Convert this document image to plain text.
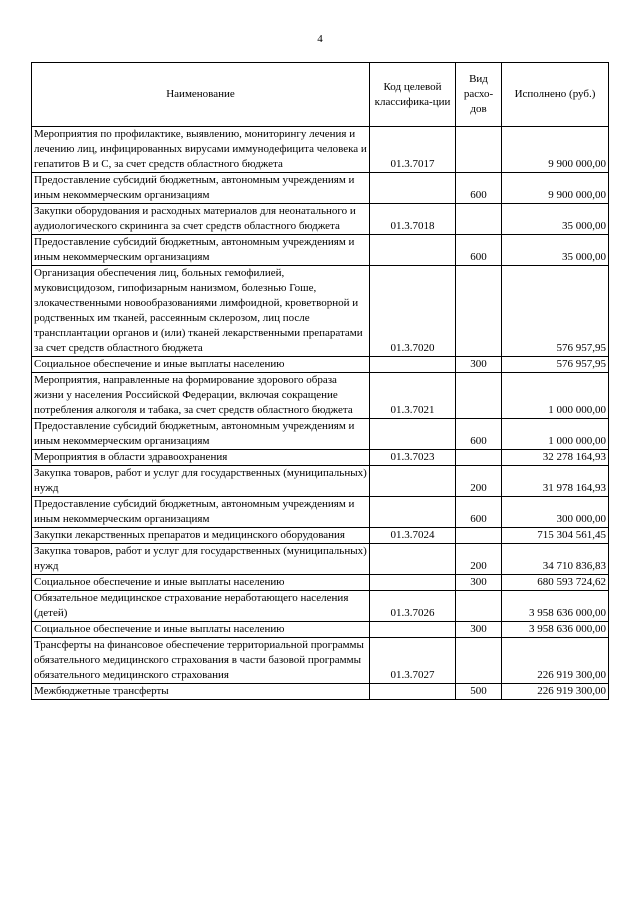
4
Наименование	Код целевой классифика-ции	Вид расхо-дов	Исполнено (руб.)
Мероприятия по профилактике, выявлению, мониторингу лечения и лечению лиц, инфицированных вирусами иммунодефицита человека и гепатитов B и C, за счет средств областного бюджета	01.3.7017		9 900 000,00
Предоставление субсидий бюджетным, автономным учреждениям и иным некоммерческим организациям		600	9 900 000,00
Закупки оборудования и расходных материалов для неонатального и аудиологического скрининга за счет средств областного бюджета	01.3.7018		35 000,00
Предоставление субсидий бюджетным, автономным учреждениям и иным некоммерческим организациям		600	35 000,00
Организация обеспечения лиц, больных гемофилией, муковисцидозом, гипофизарным нанизмом, болезнью Гоше, злокачественными новообразованиями лимфоидной, кроветворной и родственных им тканей, рассеянным склерозом, лиц после трансплантации органов и (или) тканей лекарственными препаратами за счет средств областного бюджета	01.3.7020		576 957,95
Социальное обеспечение и иные выплаты населению		300	576 957,95
Мероприятия, направленные на формирование здорового образа жизни у населения Российской Федерации, включая сокращение потребления алкоголя и табака, за счет средств областного бюджета	01.3.7021		1 000 000,00
Предоставление субсидий бюджетным, автономным учреждениям и иным некоммерческим организациям		600	1 000 000,00
Мероприятия в области здравоохранения	01.3.7023		32 278 164,93
Закупка товаров, работ и услуг для государственных (муниципальных) нужд		200	31 978 164,93
Предоставление субсидий бюджетным, автономным учреждениям и иным некоммерческим организациям		600	300 000,00
Закупки лекарственных препаратов и медицинского оборудования	01.3.7024		715 304 561,45
Закупка товаров, работ и услуг для государственных (муниципальных) нужд		200	34 710 836,83
Социальное обеспечение и иные выплаты населению		300	680 593 724,62
Обязательное медицинское страхование неработающего населения (детей)	01.3.7026		3 958 636 000,00
Социальное обеспечение и иные выплаты населению		300	3 958 636 000,00
Трансферты на финансовое обеспечение территориальной программы обязательного медицинского страхования в части базовой программы обязательного медицинского страхования	01.3.7027		226 919 300,00
Межбюджетные трансферты		500	226 919 300,00
